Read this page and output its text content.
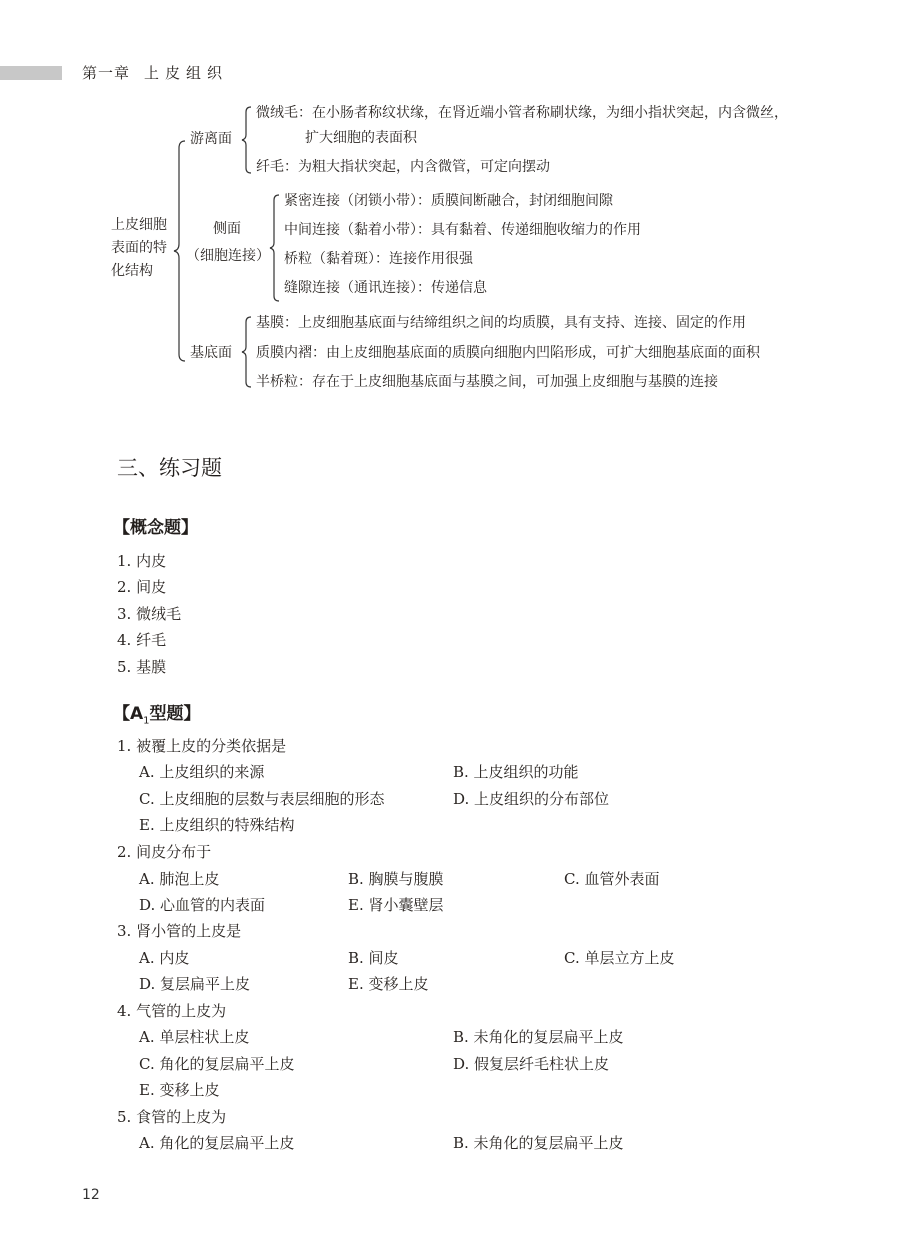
第一章 上皮组织
上皮细胞
表面的特
化结构
游离面
微绒毛：在小肠者称纹状缘，在肾近端小管者称刷状缘，为细小指状突起，内含微丝，
扩大细胞的表面积
纤毛：为粗大指状突起，内含微管，可定向摆动
侧面
（细胞连接）
紧密连接（闭锁小带）：质膜间断融合，封闭细胞间隙
中间连接（黏着小带）：具有黏着、传递细胞收缩力的作用
桥粒（黏着斑）：连接作用很强
缝隙连接（通讯连接）：传递信息
基底面
基膜：上皮细胞基底面与结缔组织之间的均质膜，具有支持、连接、固定的作用
质膜内褶：由上皮细胞基底面的质膜向细胞内凹陷形成，可扩大细胞基底面的面积
半桥粒：存在于上皮细胞基底面与基膜之间，可加强上皮细胞与基膜的连接
三、练习题
【概念题】
1. 内皮
2. 间皮
3. 微绒毛
4. 纤毛
5. 基膜
【$A_1$型题】
1. 被覆上皮的分类依据是
A. 上皮组织的来源	B. 上皮组织的功能
C. 上皮细胞的层数与表层细胞的形态	D. 上皮组织的分布部位
E. 上皮组织的特殊结构
2. 间皮分布于
A. 肺泡上皮	B. 胸膜与腹膜	C. 血管外表面
D. 心血管的内表面	E. 肾小囊壁层
3. 肾小管的上皮是
A. 内皮	B. 间皮	C. 单层立方上皮
D. 复层扁平上皮	E. 变移上皮
4. 气管的上皮为
A. 单层柱状上皮	B. 未角化的复层扁平上皮
C. 角化的复层扁平上皮	D. 假复层纤毛柱状上皮
E. 变移上皮
5. 食管的上皮为
A. 角化的复层扁平上皮	B. 未角化的复层扁平上皮
12
